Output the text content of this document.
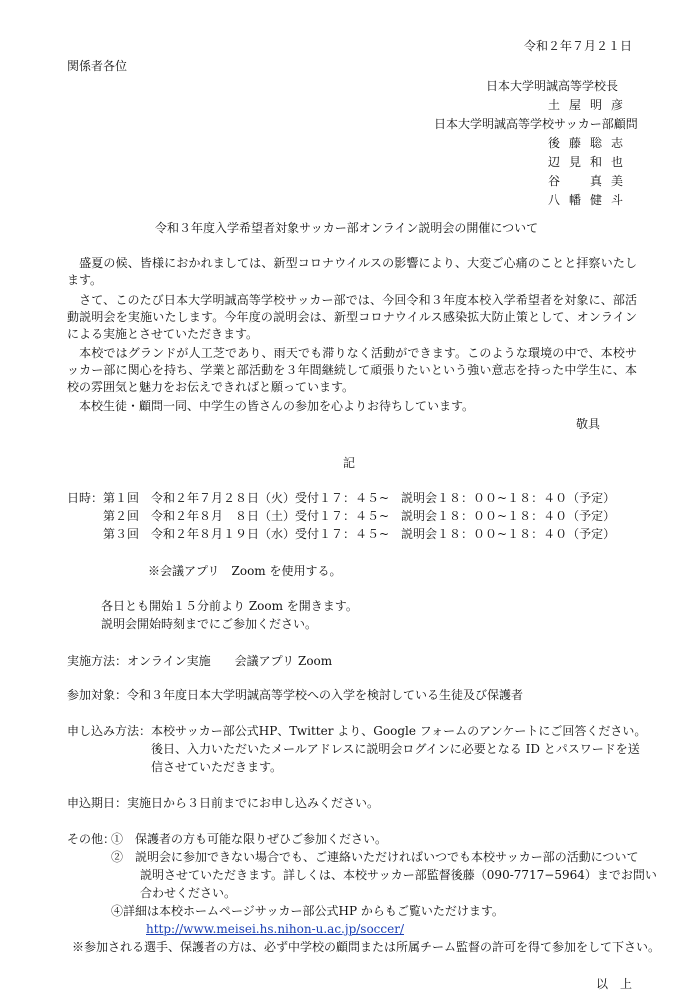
令和２年７月２１日
関係者各位
日本大学明誠高等学校長
土屋明彦
日本大学明誠高等学校サッカー部顧問
後藤聡志
辺見和也
谷　真美
八幡健斗
令和３年度入学希望者対象サッカー部オンライン説明会の開催について
　盛夏の候、皆様におかれましては、新型コロナウイルスの影響により、大変ご心痛のことと拝察いたします。
　さて、このたび日本大学明誠高等学校サッカー部では、今回令和３年度本校入学希望者を対象に、部活動説明会を実施いたします。今年度の説明会は、新型コロナウイルス感染拡大防止策として、オンラインによる実施とさせていただきます。
　本校ではグランドが人工芝であり、雨天でも滞りなく活動ができます。このような環境の中で、本校サッカー部に関心を持ち、学業と部活動を３年間継続して頑張りたいという強い意志を持った中学生に、本校の雰囲気と魅力をお伝えできればと願っています。
　本校生徒・顧問一同、中学生の皆さんの参加を心よりお待ちしています。
敬具
記
日時： 第１回　令和２年７月２８日（火）受付１７：４５~　説明会１８：００~１８：４０（予定）
第２回　令和２年８月　８日（土）受付１７：４５~　説明会１８：００~１８：４０（予定）
第３回　令和２年８月１９日（水）受付１７：４５~　説明会１８：００~１８：４０（予定）
※会議アプリ　Zoom を使用する。
各日とも開始１５分前より Zoom を開きます。
説明会開始時刻までにご参加ください。
実施方法：オンライン実施　　会議アプリ Zoom
参加対象：令和３年度日本大学明誠高等学校への入学を検討している生徒及び保護者
申し込み方法： 本校サッカー部公式HP、Twitter より、Google フォームのアンケートにご回答ください。
後日、入力いただいたメールアドレスに説明会ログインに必要となる ID とパスワードを送
信させていただきます。
申込期日：実施日から３日前までにお申し込みください。
その他：
①　保護者の方も可能な限りぜひご参加ください。
②　説明会に参加できない場合でも、ご連絡いただければいつでも本校サッカー部の活動について
説明させていただきます。詳しくは、本校サッカー部監督後藤（090-7717−5964）までお問い
合わせください。
④詳細は本校ホームページサッカー部公式HP からもご覧いただけます。
http://www.meisei.hs.nihon-u.ac.jp/soccer/
※参加される選手、保護者の方は、必ず中学校の顧問または所属チーム監督の許可を得て参加をして下さい。
以　上
